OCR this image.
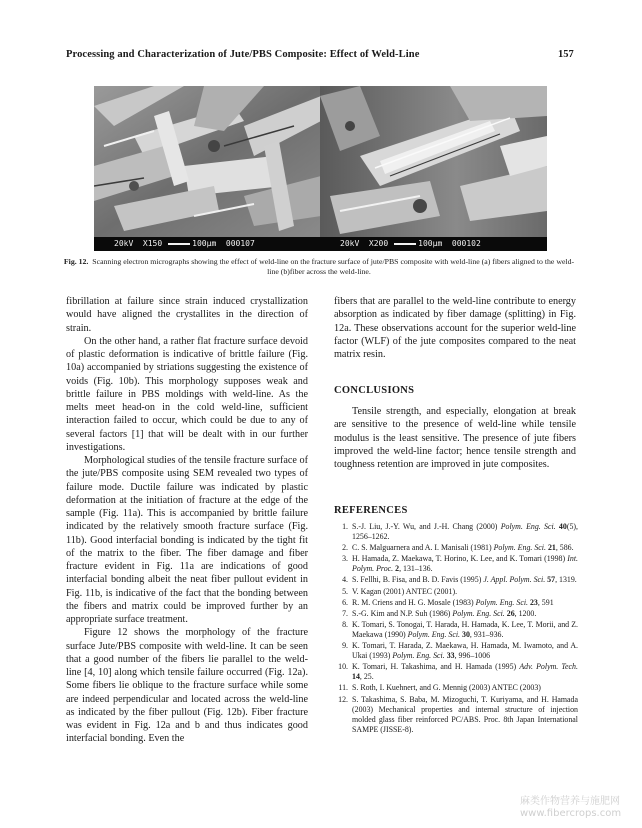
Processing and Characterization of Jute/PBS Composite: Effect of Weld-Line	157
20kV X150	100µm 000107	20kV X200	100µm 000102
Fig. 12. Scanning electron micrographs showing the effect of weld-line on the fracture surface of jute/PBS composite with weld-line (a) fibers aligned to the weld-line (b)fiber across the weld-line.

fibrillation at failure since strain induced crystallization would have aligned the crystallites in the direction of strain.

On the other hand, a rather flat fracture surface devoid of plastic deformation is indicative of brittle failure (Fig. 10a) accompanied by striations suggesting the existence of voids (Fig. 10b). This morphology supposes weak and brittle failure in PBS moldings with weld-line. As the melts meet head-on in the cold weld-line, sufficient interaction failed to occur, which could be due to any of several factors [1] that will be dealt with in our further investigations.

Morphological studies of the tensile fracture surface of the jute/PBS composite using SEM revealed two types of failure mode. Ductile failure was indicated by plastic deformation at the initiation of fracture at the edge of the sample (Fig. 11a). This is accompanied by brittle failure indicated by the relatively smooth fracture surface (Fig. 11b). Good interfacial bonding is indicated by the tight fit of the matrix to the fiber. The fiber damage and fiber fracture evident in Fig. 11a are indications of good interfacial bonding albeit the neat fiber pullout evident in Fig. 11b, is indicative of the fact that the bonding between the fibers and matrix could be improved further by an appropriate surface treatment.

Figure 12 shows the morphology of the fracture surface Jute/PBS composite with weld-line. It can be seen that a good number of the fibers lie parallel to the weld-line [4, 10] along which tensile failure occurred (Fig. 12a). Some fibers lie oblique to the fracture surface while some are indeed perpendicular and located across the weld-line as indicated by the fiber pullout (Fig. 12b). Fiber fracture was evident in Fig. 12a and b and thus indicates good interfacial bonding. Even the

fibers that are parallel to the weld-line contribute to energy absorption as indicated by fiber damage (splitting) in Fig. 12a. These observations account for the superior weld-line factor (WLF) of the jute composites compared to the neat matrix resin.

CONCLUSIONS
Tensile strength, and especially, elongation at break are sensitive to the presence of weld-line while tensile modulus is the least sensitive. The presence of jute fibers improved the weld-line factor; hence tensile strength and toughness retention are improved in jute composites.
REFERENCES
1. S.-J. Liu, J.-Y. Wu, and J.-H. Chang (2000) Polym. Eng. Sci. 40(5), 1256–1262.
2. C. S. Malguarnera and A. I. Manisali (1981) Polym. Eng. Sci. 21, 586.
3. H. Hamada, Z. Maekawa, T. Horino, K. Lee, and K. Tomari (1998) Int. Polym. Proc. 2, 131–136.
4. S. Fellhi, B. Fisa, and B. D. Favis (1995) J. Appl. Polym. Sci. 57, 1319.
5. V. Kagan (2001) ANTEC (2001).
6. R. M. Criens and H. G. Mosale (1983) Polym. Eng. Sci. 23, 591
7. S.-G. Kim and N.P. Suh (1986) Polym. Eng. Sci. 26, 1200.
8. K. Tomari, S. Tonogai, T. Harada, H. Hamada, K. Lee, T. Morii, and Z. Maekawa (1990) Polym. Eng. Sci. 30, 931–936.
9. K. Tomari, T. Harada, Z. Maekawa, H. Hamada, M. Iwamoto, and A. Ukai (1993) Polym. Eng. Sci. 33, 996–1006
10. K. Tomari, H. Takashima, and H. Hamada (1995) Adv. Polym. Tech. 14, 25.
11. S. Roth, I. Kuehnert, and G. Mennig (2003) ANTEC (2003)
12. S. Takashima, S. Baba, M. Mizoguchi, T. Kuriyama, and H. Hamada (2003) Mechanical properties and internal structure of injection molded glass fiber reinforced PC/ABS. Proc. 8th Japan International SAMPE (JISSE-8).
麻类作物营养与施肥网
www.fibercrops.com
